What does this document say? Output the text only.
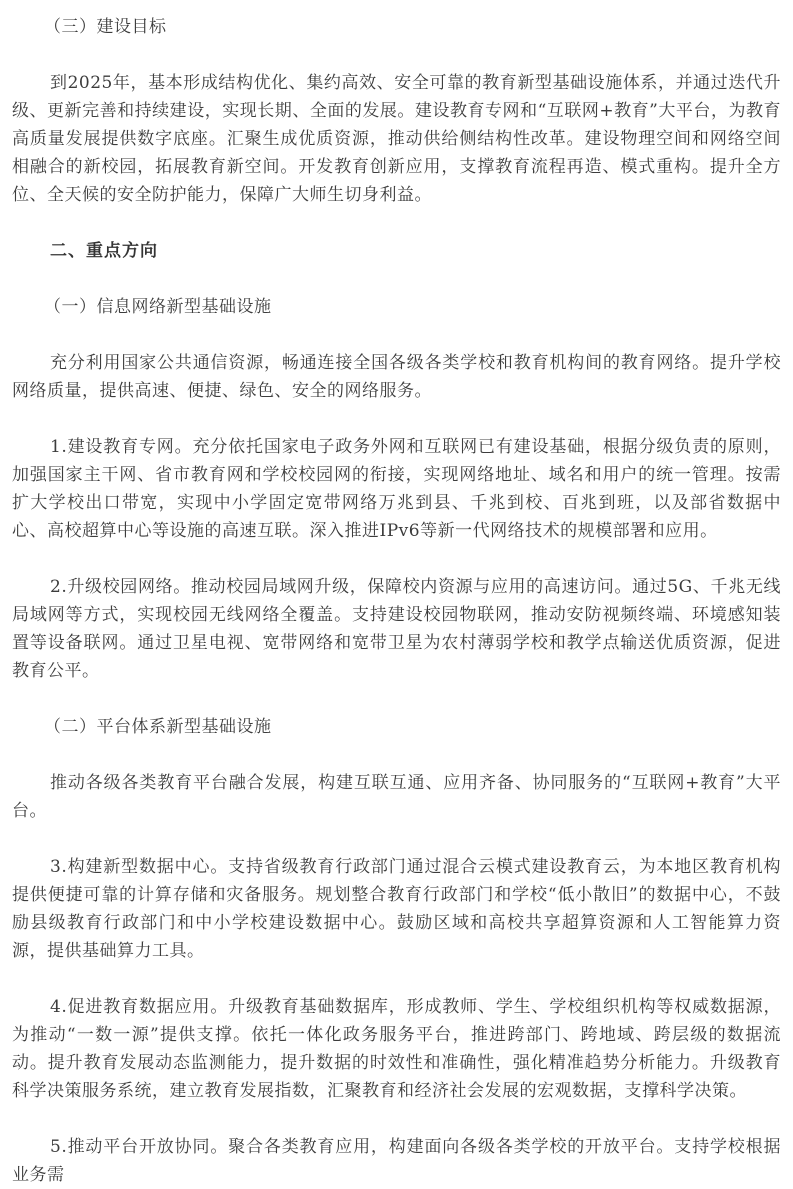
（三）建设目标

到2025年，基本形成结构优化、集约高效、安全可靠的教育新型基础设施体系，并通过迭代升级、更新完善和持续建设，实现长期、全面的发展。建设教育专网和“互联网+教育”大平台，为教育高质量发展提供数字底座。汇聚生成优质资源，推动供给侧结构性改革。建设物理空间和网络空间相融合的新校园，拓展教育新空间。开发教育创新应用，支撑教育流程再造、模式重构。提升全方位、全天候的安全防护能力，保障广大师生切身利益。

二、重点方向

（一）信息网络新型基础设施

充分利用国家公共通信资源，畅通连接全国各级各类学校和教育机构间的教育网络。提升学校网络质量，提供高速、便捷、绿色、安全的网络服务。

1.建设教育专网。充分依托国家电子政务外网和互联网已有建设基础，根据分级负责的原则，加强国家主干网、省市教育网和学校校园网的衔接，实现网络地址、域名和用户的统一管理。按需扩大学校出口带宽，实现中小学固定宽带网络万兆到县、千兆到校、百兆到班，以及部省数据中心、高校超算中心等设施的高速互联。深入推进IPv6等新一代网络技术的规模部署和应用。

2.升级校园网络。推动校园局域网升级，保障校内资源与应用的高速访问。通过5G、千兆无线局域网等方式，实现校园无线网络全覆盖。支持建设校园物联网，推动安防视频终端、环境感知装置等设备联网。通过卫星电视、宽带网络和宽带卫星为农村薄弱学校和教学点输送优质资源，促进教育公平。

（二）平台体系新型基础设施

推动各级各类教育平台融合发展，构建互联互通、应用齐备、协同服务的“互联网+教育”大平台。

3.构建新型数据中心。支持省级教育行政部门通过混合云模式建设教育云，为本地区教育机构提供便捷可靠的计算存储和灾备服务。规划整合教育行政部门和学校“低小散旧”的数据中心，不鼓励县级教育行政部门和中小学校建设数据中心。鼓励区域和高校共享超算资源和人工智能算力资源，提供基础算力工具。

4.促进教育数据应用。升级教育基础数据库，形成教师、学生、学校组织机构等权威数据源，为推动“一数一源”提供支撑。依托一体化政务服务平台，推进跨部门、跨地域、跨层级的数据流动。提升教育发展动态监测能力，提升数据的时效性和准确性，强化精准趋势分析能力。升级教育科学决策服务系统，建立教育发展指数，汇聚教育和经济社会发展的宏观数据，支撑科学决策。

5.推动平台开放协同。聚合各类教育应用，构建面向各级各类学校的开放平台。支持学校根据业务需
